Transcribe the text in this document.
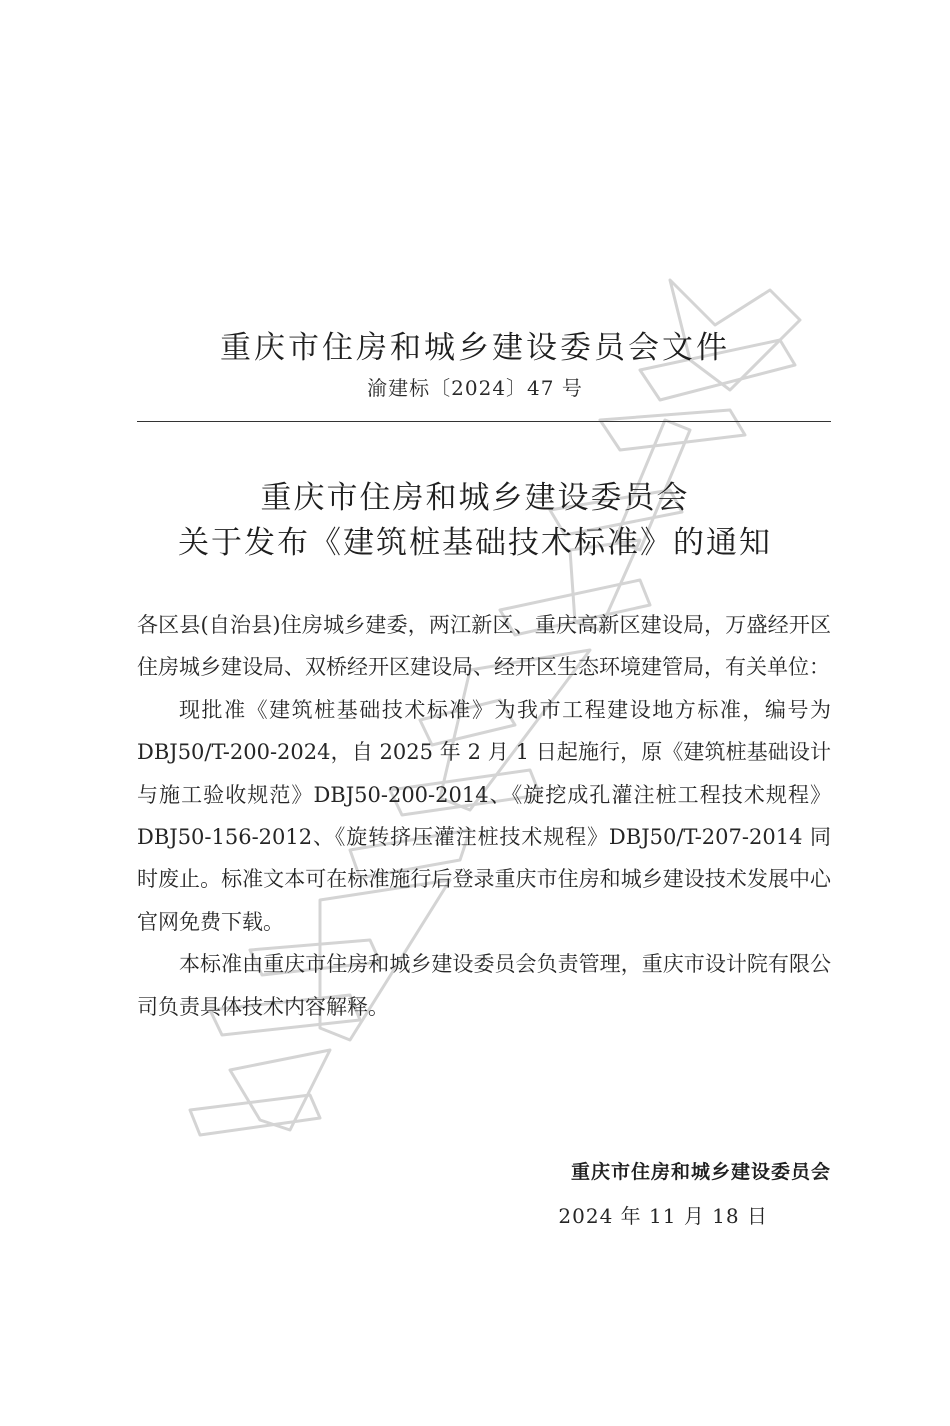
重庆市住房和城乡建设委员会文件
渝建标〔2024〕47 号
重庆市住房和城乡建设委员会
关于发布《建筑桩基础技术标准》的通知

各区县(自治县)住房城乡建委，两江新区、重庆高新区建设局，万盛经开区住房城乡建设局、双桥经开区建设局、经开区生态环境建管局，有关单位：

现批准《建筑桩基础技术标准》为我市工程建设地方标准，编号为 DBJ50/T-200-2024，自 2025 年 2 月 1 日起施行，原《建筑桩基础设计与施工验收规范》DBJ50-200-2014、《旋挖成孔灌注桩工程技术规程》DBJ50-156-2012、《旋转挤压灌注桩技术规程》DBJ50/T-207-2014 同时废止。标准文本可在标准施行后登录重庆市住房和城乡建设技术发展中心官网免费下载。

本标准由重庆市住房和城乡建设委员会负责管理，重庆市设计院有限公司负责具体技术内容解释。

重庆市住房和城乡建设委员会
2024 年 11 月 18 日
